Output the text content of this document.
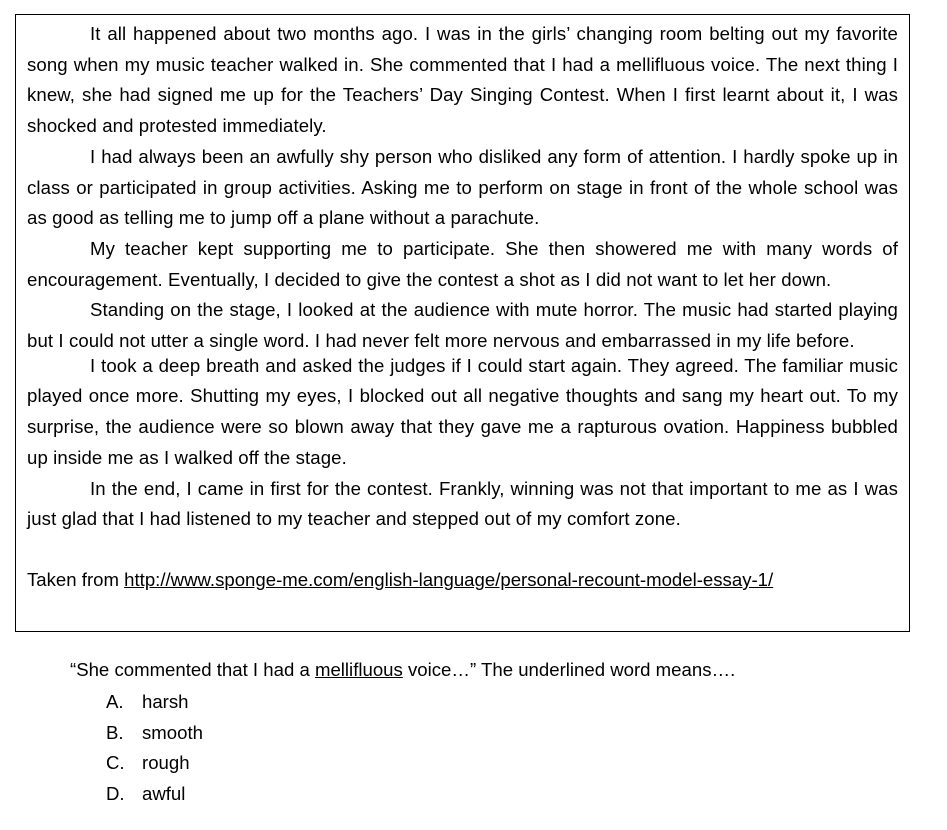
It all happened about two months ago. I was in the girls’ changing room belting out my favorite song when my music teacher walked in. She commented that I had a mellifluous voice. The next thing I knew, she had signed me up for the Teachers’ Day Singing Contest. When I first learnt about it, I was shocked and protested immediately.

I had always been an awfully shy person who disliked any form of attention. I hardly spoke up in class or participated in group activities. Asking me to perform on stage in front of the whole school was as good as telling me to jump off a plane without a parachute.

My teacher kept supporting me to participate. She then showered me with many words of encouragement. Eventually, I decided to give the contest a shot as I did not want to let her down.

Standing on the stage, I looked at the audience with mute horror. The music had started playing but I could not utter a single word. I had never felt more nervous and embarrassed in my life before.

I took a deep breath and asked the judges if I could start again. They agreed. The familiar music played once more. Shutting my eyes, I blocked out all negative thoughts and sang my heart out. To my surprise, the audience were so blown away that they gave me a rapturous ovation. Happiness bubbled up inside me as I walked off the stage.

In the end, I came in first for the contest. Frankly, winning was not that important to me as I was just glad that I had listened to my teacher and stepped out of my comfort zone.

Taken from http://www.sponge-me.com/english-language/personal-recount-model-essay-1/

“She commented that I had a mellifluous voice…” The underlined word means….
A. harsh
B. smooth
C. rough
D. awful
